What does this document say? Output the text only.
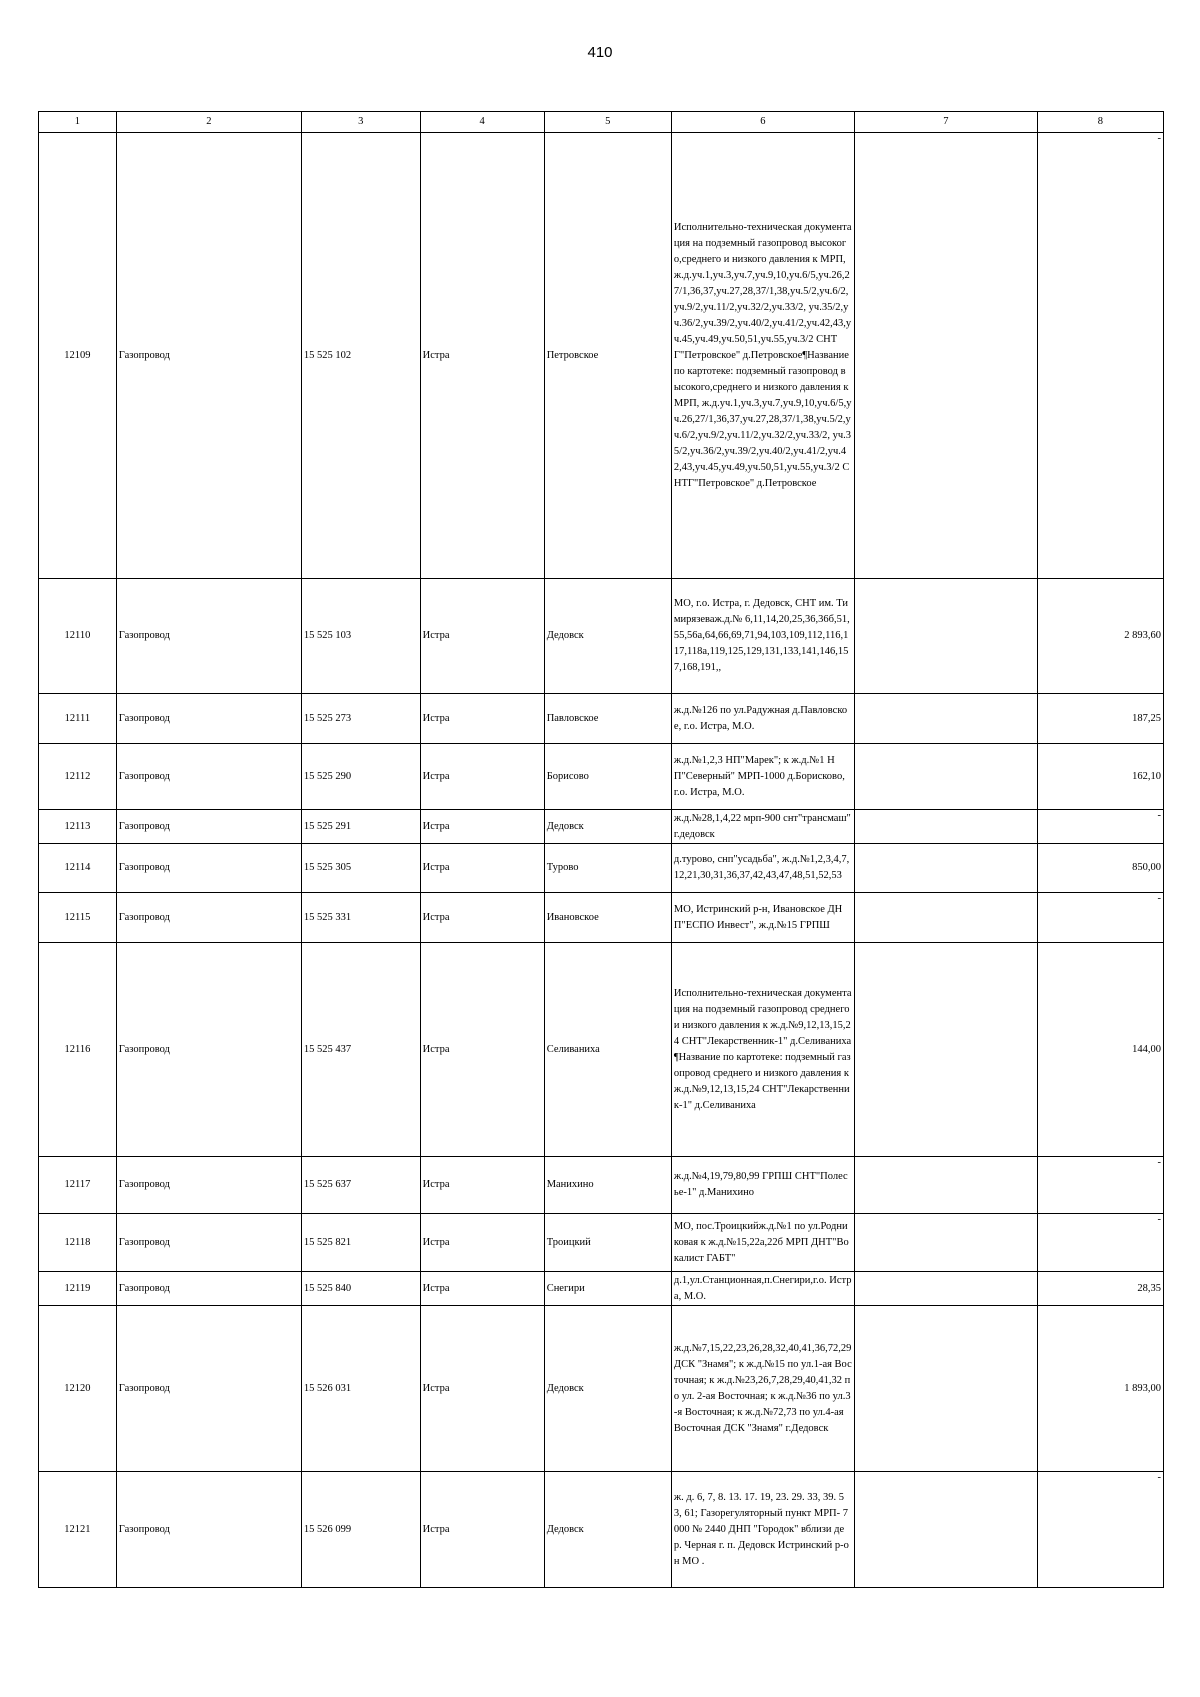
410
1	2	3	4	5	6	7	8
12109	Газопровод	15 525 102	Истра	Петровское	Исполнительно-техническая документация на подземный газопровод высокого,среднего и низкого давления к МРП, ж.д.уч.1,уч.3,уч.7,уч.9,10,уч.6/5,уч.26,27/1,36,37,уч.27,28,37/1,38,уч.5/2,уч.6/2,уч.9/2,уч.11/2,уч.32/2,уч.33/2, уч.35/2,уч.36/2,уч.39/2,уч.40/2,уч.41/2,уч.42,43,уч.45,уч.49,уч.50,51,уч.55,уч.3/2 СНТГ"Петровское" д.Петровское¶Название по картотеке: подземный газопровод высокого,среднего и низкого давления к МРП, ж.д.уч.1,уч.3,уч.7,уч.9,10,уч.6/5,уч.26,27/1,36,37,уч.27,28,37/1,38,уч.5/2,уч.6/2,уч.9/2,уч.11/2,уч.32/2,уч.33/2, уч.35/2,уч.36/2,уч.39/2,уч.40/2,уч.41/2,уч.42,43,уч.45,уч.49,уч.50,51,уч.55,уч.3/2 СНТГ"Петровское" д.Петровское		-

12110	Газопровод	15 525 103	Истра	Дедовск	МО, г.о. Истра, г. Дедовск, СНТ им. Тимирязеваж.д.№ 6,11,14,20,25,36,36б,51,55,56а,64,66,69,71,94,103,109,112,116,117,118а,119,125,129,131,133,141,146,157,168,191,,		2 893,60

12111	Газопровод	15 525 273	Истра	Павловское	ж.д.№126 по ул.Радужная д.Павловское, г.о. Истра, М.О.		187,25

12112	Газопровод	15 525 290	Истра	Борисово	ж.д.№1,2,3 НП"Марек"; к ж.д.№1 НП"Северный" МРП-1000 д.Борисково, г.о. Истра, М.О.		162,10

12113	Газопровод	15 525 291	Истра	Дедовск	ж.д.№28,1,4,22 мрп-900 снт"трансмаш" г.дедовск		-

12114	Газопровод	15 525 305	Истра	Турово	д.турово, снп"усадьба", ж.д.№1,2,3,4,7,12,21,30,31,36,37,42,43,47,48,51,52,53		850,00

12115	Газопровод	15 525 331	Истра	Ивановское	МО, Истринский р-н, Ивановское ДНП"ЕСПО Инвест", ж.д.№15 ГРПШ		-

12116	Газопровод	15 525 437	Истра	Селиваниха	Исполнительно-техническая документация на подземный газопровод среднего и низкого давления к ж.д.№9,12,13,15,24 СНТ"Лекарственник-1" д.Селиваниха¶Название по картотеке: подземный газопровод среднего и низкого давления к ж.д.№9,12,13,15,24 СНТ"Лекарственник-1" д.Селиваниха		144,00

12117	Газопровод	15 525 637	Истра	Манихино	ж.д.№4,19,79,80,99 ГРПШ СНТ"Полесье-1" д.Манихино		-

12118	Газопровод	15 525 821	Истра	Троицкий	МО, пос.Троицкийж.д.№1 по ул.Родниковая к ж.д.№15,22а,22б МРП ДНТ"Вокалист ГАБТ"		-

12119	Газопровод	15 525 840	Истра	Снегири	д.1,ул.Станционная,п.Снегири,г.о. Истра, М.О.		28,35

12120	Газопровод	15 526 031	Истра	Дедовск	ж.д.№7,15,22,23,26,28,32,40,41,36,72,29 ДСК "Знамя"; к ж.д.№15 по ул.1-ая Восточная; к ж.д.№23,26,7,28,29,40,41,32 по ул. 2-ая Восточная; к ж.д.№36 по ул.3-я Восточная; к ж.д.№72,73 по ул.4-ая Восточная ДСК "Знамя" г.Дедовск		1 893,00

12121	Газопровод	15 526 099	Истра	Дедовск	ж. д. 6, 7, 8. 13. 17. 19, 23. 29. 33, 39. 53, 61; Газорегуляторный пункт МРП- 7000 № 2440 ДНП "Городок" вблизи дер. Черная г. п. Дедовск Истринский р-он МО .		-
